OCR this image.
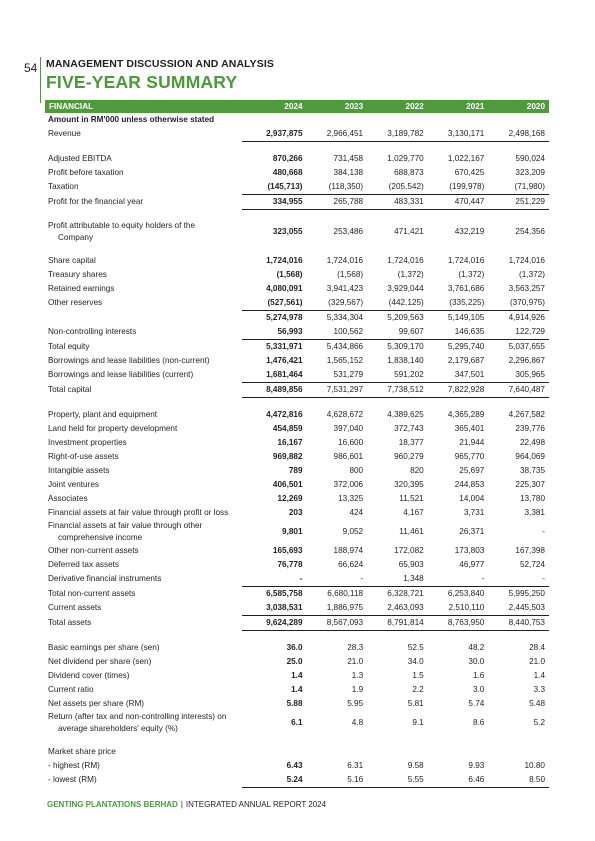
54 MANAGEMENT DISCUSSION AND ANALYSIS
FIVE-YEAR SUMMARY
FINANCIAL	2024	2023	2022	2021	2020
Amount in RM'000 unless otherwise stated					
Revenue	2,937,875	2,966,451	3,189,782	3,130,171	2,498,168

Adjusted EBITDA	870,266	731,458	1,029,770	1,022,167	590,024
Profit before taxation	480,668	384,138	688,873	670,425	323,209
Taxation	(145,713)	(118,350)	(205,542)	(199,978)	(71,980)
Profit for the financial year	334,955	265,788	483,331	470,447	251,229

Profit attributable to equity holders of the
Company	323,055	253,486	471,421	432,219	254,356

Share capital	1,724,016	1,724,016	1,724,016	1,724,016	1,724,016
Treasury shares	(1,568)	(1,568)	(1,372)	(1,372)	(1,372)
Retained earnings	4,080,091	3,941,423	3,929,044	3,761,686	3,563,257
Other reserves	(527,561)	(329,567)	(442,125)	(335,225)	(370,975)
	5,274,978	5,334,304	5,209,563	5,149,105	4,914,926
Non-controlling interests	56,993	100,562	99,607	146,635	122,729
Total equity	5,331,971	5,434,866	5,309,170	5,295,740	5,037,655
Borrowings and lease liabilities (non-current)	1,476,421	1,565,152	1,838,140	2,179,687	2,296,867
Borrowings and lease liabilities (current)	1,681,464	531,279	591,202	347,501	305,965
Total capital	8,489,856	7,531,297	7,738,512	7,822,928	7,640,487

Property, plant and equipment	4,472,816	4,628,672	4,389,625	4,365,289	4,267,582
Land held for property development	454,859	397,040	372,743	365,401	239,776
Investment properties	16,167	16,600	18,377	21,944	22,498
Right-of-use assets	969,882	986,601	960,279	965,770	964,069
Intangible assets	789	800	820	25,697	38,735
Joint ventures	406,501	372,006	320,395	244,853	225,307
Associates	12,269	13,325	11,521	14,004	13,780
Financial assets at fair value through profit or loss	203	424	4,167	3,731	3,381
Financial assets at fair value through other
comprehensive income	9,801	9,052	11,461	26,371	-
Other non-current assets	165,693	188,974	172,082	173,803	167,398
Deferred tax assets	76,778	66,624	65,903	46,977	52,724
Derivative financial instruments	-	-	1,348	-	-
Total non-current assets	6,585,758	6,680,118	6,328,721	6,253,840	5,995,250
Current assets	3,038,531	1,886,975	2,463,093	2,510,110	2,445,503
Total assets	9,624,289	8,567,093	8,791,814	8,763,950	8,440,753

Basic earnings per share (sen)	36.0	28.3	52.5	48.2	28.4
Net dividend per share (sen)	25.0	21.0	34.0	30.0	21.0
Dividend cover (times)	1.4	1.3	1.5	1.6	1.4
Current ratio	1.4	1.9	2.2	3.0	3.3
Net assets per share (RM)	5.88	5.95	5.81	5.74	5.48
Return (after tax and non-controlling interests) on
average shareholders' equity (%)	6.1	4.8	9.1	8.6	5.2

Market share price					
- highest (RM)	6.43	6.31	9.58	9.93	10.80
- lowest (RM)	5.24	5.16	5.55	6.46	8.50
GENTING PLANTATIONS BERHAD | INTEGRATED ANNUAL REPORT 2024
